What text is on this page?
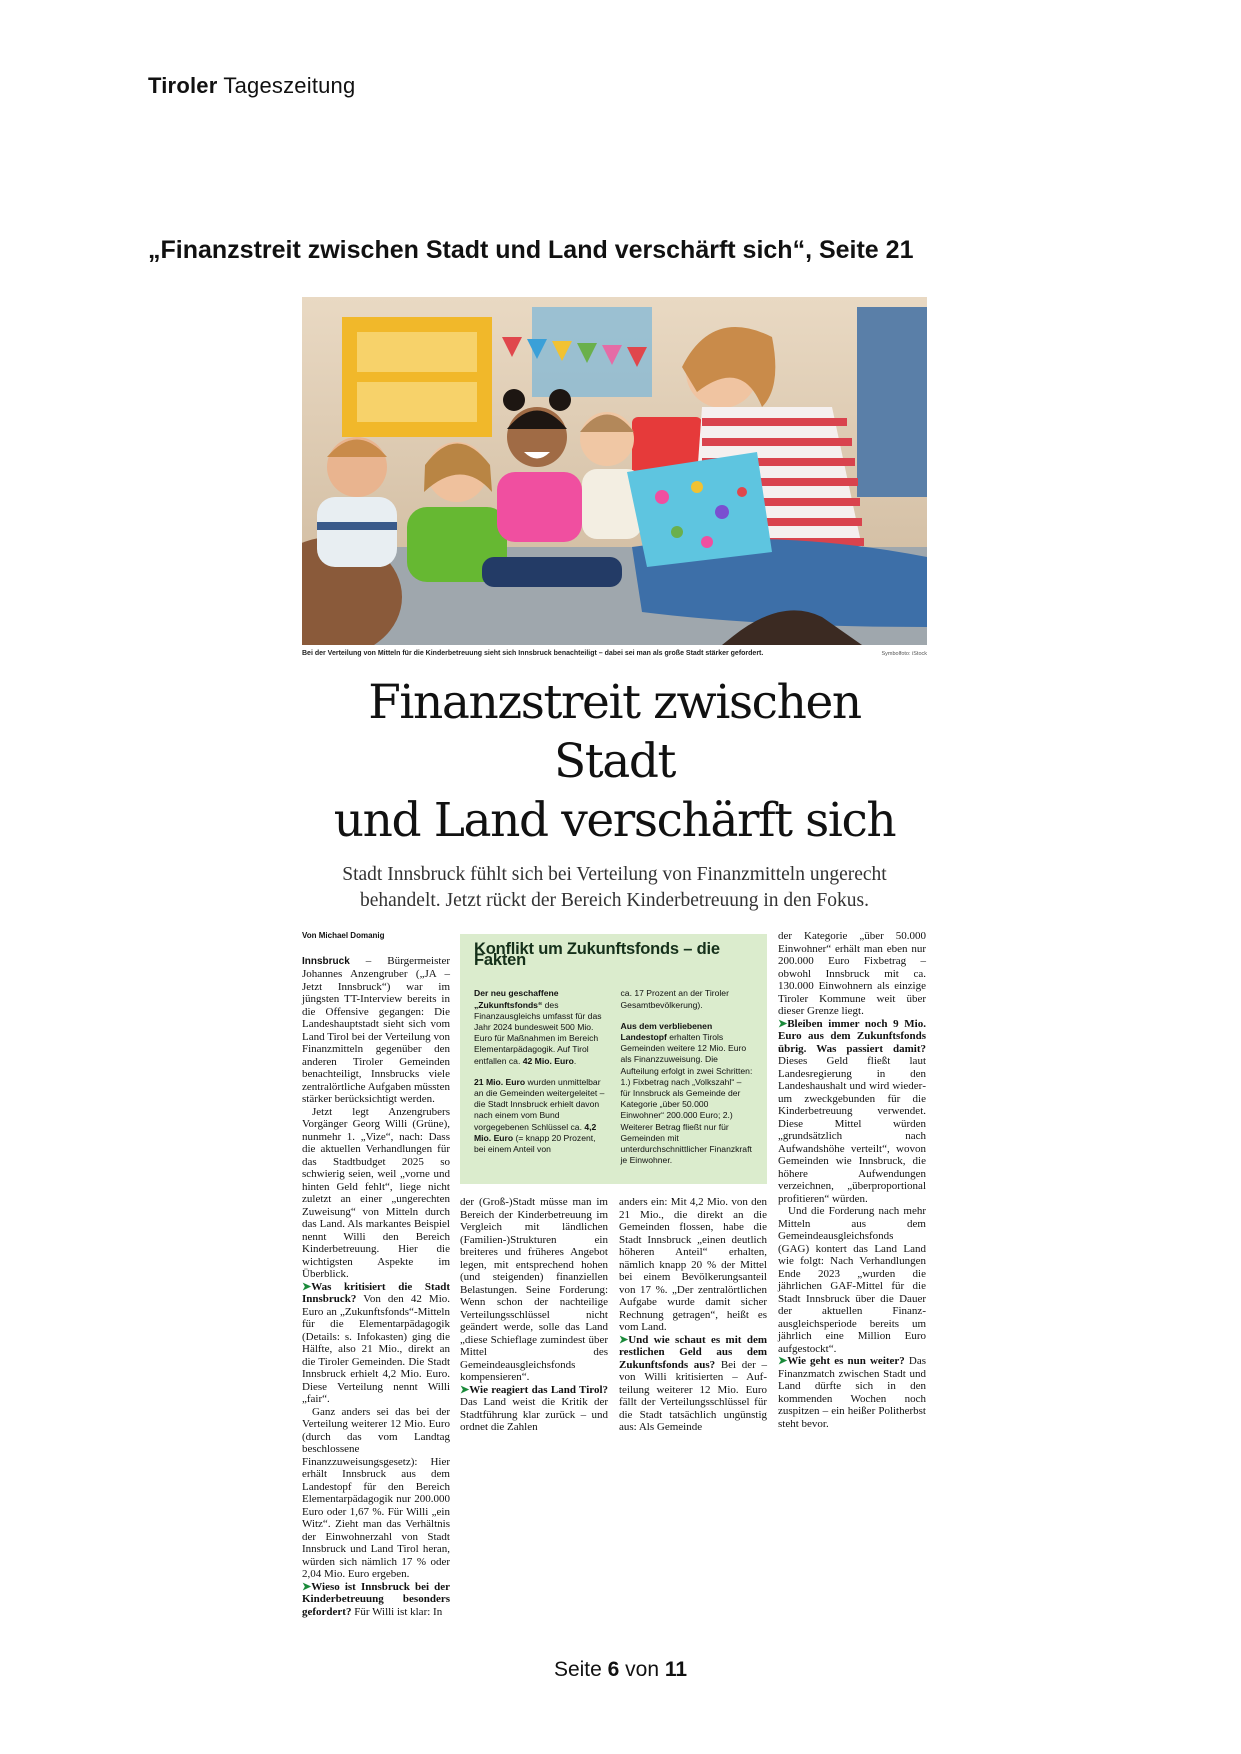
Tiroler Tageszeitung
„Finanzstreit zwischen Stadt und Land verschärft sich“, Seite 21
Bei der Verteilung von Mitteln für die Kinderbetreuung sieht sich Innsbruck benachteiligt – dabei sei man als große Stadt stärker gefordert.	Symbolfoto: iStock
Finanzstreit zwischen Stadt
und Land verschärft sich
Stadt Innsbruck fühlt sich bei Verteilung von Finanzmitteln ungerecht behandelt. Jetzt rückt der Bereich Kinderbetreuung in den Fokus.

Von Michael Domanig

Innsbruck – Bürgermeister Johannes Anzengruber („JA – Jetzt Innsbruck“) war im jüngsten TT-Interview bereits in die Offensive gegangen: Die Landeshauptstadt sieht sich vom Land Tirol bei der Verteilung von Finanzmitteln gegenüber den anderen Tiroler Gemeinden benachteiligt, Innsbrucks viele zentralörtliche Aufgaben müssten stärker berücksichtigt werden.

Jetzt legt Anzengrubers Vorgänger Georg Willi (Grüne), nunmehr 1. „Vize“, nach: Dass die aktuellen Verhandlungen für das Stadtbudget 2025 so schwierig seien, weil „vorne und hinten Geld fehlt“, liege nicht zuletzt an einer „ungerechten Zuweisung“ von Mitteln durch das Land. Als markantes Beispiel nennt Willi den Bereich Kinderbetreuung. Hier die wichtigsten Aspekte im Überblick.

➤Was kritisiert die Stadt Innsbruck? Von den 42 Mio. Euro an „Zukunftsfonds“-Mitteln für die Elementarpädagogik (Details: s. Infokasten) ging die Hälfte, also 21 Mio., direkt an die Tiroler Gemeinden. Die Stadt Innsbruck erhielt 4,2 Mio. Euro. Diese Verteilung nennt Willi „fair“.

Ganz anders sei das bei der Verteilung weiterer 12 Mio. Euro (durch das vom Landtag beschlossene Finanzzuweisungsgesetz): Hier erhält Innsbruck aus dem Landestopf für den Bereich Elementarpädagogik nur 200.000 Euro oder 1,67 %. Für Willi „ein Witz“. Zieht man das Verhältnis der Einwohnerzahl von Stadt Innsbruck und Land Tirol heran, würden sich nämlich 17 % oder 2,04 Mio. Euro ergeben.

➤Wieso ist Innsbruck bei der Kinderbetreuung besonders gefordert? Für Willi ist klar: In

Konflikt um Zukunftsfonds – die Fakten

Der neu geschaffene „Zukunftsfonds“ des Finanzausgleichs umfasst für das Jahr 2024 bundesweit 500 Mio. Euro für Maßnahmen im Bereich Elementarpädagogik. Auf Tirol entfallen ca. 42 Mio. Euro.

21 Mio. Euro wurden unmittelbar an die Gemeinden weitergeleitet – die Stadt Innsbruck erhielt davon nach einem vom Bund vorgegebenen Schlüssel ca. 4,2 Mio. Euro (= knapp 20 Prozent, bei einem Anteil von

ca. 17 Prozent an der Tiroler Gesamtbevölkerung).

Aus dem verbliebenen Landestopf erhalten Tirols Gemeinden weitere 12 Mio. Euro als Finanzzuweisung. Die Aufteilung erfolgt in zwei Schritten: 1.) Fixbetrag nach „Volkszahl“ – für Innsbruck als Gemeinde der Kategorie „über 50.000 Einwohner“ 200.000 Euro; 2.) Weiterer Betrag fließt nur für Gemeinden mit unterdurchschnittlicher Finanzkraft je Einwohner.

der (Groß-)Stadt müsse man im Bereich der Kinderbetreuung im Vergleich mit ländlichen (Familien-)Strukturen ein breiteres und früheres Angebot legen, mit entsprechend hohen (und steigenden) finanziellen Belastungen. Seine Forderung: Wenn schon der nachteilige Verteilungsschlüssel nicht geändert werde, solle das Land „diese Schieflage zumindest über Mittel des Gemeindeausgleichsfonds kompensieren“.

➤Wie reagiert das Land Tirol? Das Land weist die Kritik der Stadtführung klar zurück – und ordnet die Zahlen

anders ein: Mit 4,2 Mio. von den 21 Mio., die direkt an die Gemeinden flossen, habe die Stadt Innsbruck „einen deutlich höheren Anteil“ erhalten, nämlich knapp 20 % der Mittel bei einem Bevölkerungsanteil von 17 %. „Der zentralörtlichen Aufgabe wurde damit sicher Rechnung getragen“, heißt es vom Land.

➤Und wie schaut es mit dem restlichen Geld aus dem Zukunftsfonds aus? Bei der – von Willi kritisierten – Aufteilung weiterer 12 Mio. Euro fällt der Verteilungsschlüssel für die Stadt tatsächlich ungünstig aus: Als Gemeinde

der Kategorie „über 50.000 Einwohner“ erhält man eben nur 200.000 Euro Fixbetrag – obwohl Innsbruck mit ca. 130.000 Einwohnern als einzige Tiroler Kommune weit über dieser Grenze liegt.

➤Bleiben immer noch 9 Mio. Euro aus dem Zukunftsfonds übrig. Was passiert damit? Dieses Geld fließt laut Landesregierung in den Landeshaushalt und wird wiederum zweckgebunden für die Kinderbetreuung verwendet. Diese Mittel würden „grundsätzlich nach Aufwandshöhe verteilt“, wovon Gemeinden wie Innsbruck, die höhere Aufwendungen verzeichnen, „überproportional profitieren“ würden.

Und die Forderung nach mehr Mitteln aus dem Gemeindeausgleichsfonds (GAG) kontert das Land Land wie folgt: Nach Verhandlungen Ende 2023 „wurden die jährlichen GAF-Mittel für die Stadt Innsbruck über die Dauer der aktuellen Finanzausgleichsperiode bereits um jährlich eine Million Euro aufgestockt“.

➤Wie geht es nun weiter? Das Finanzmatch zwischen Stadt und Land dürfte sich in den kommenden Wochen noch zuspitzen – ein heißer Politherbst steht bevor.

Seite 6 von 11
